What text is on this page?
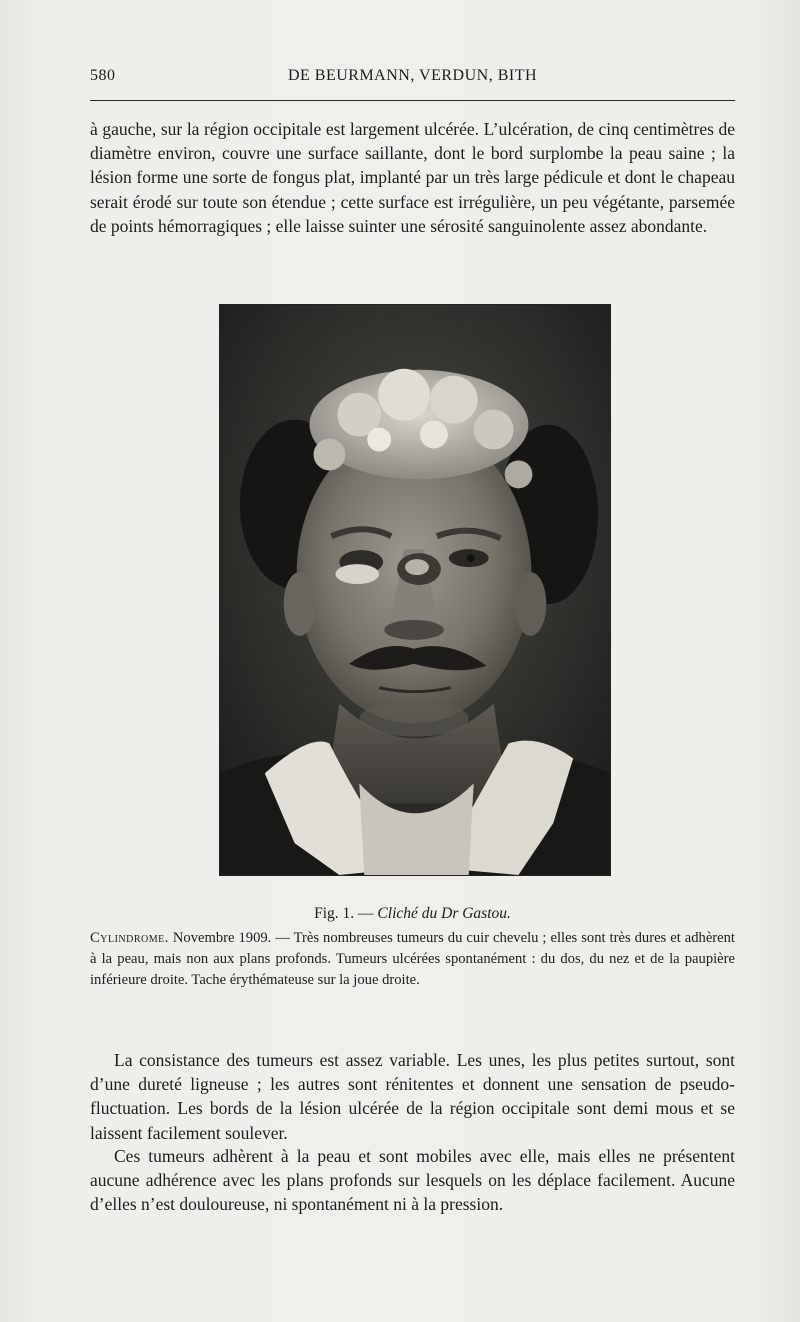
580	DE BEURMANN, VERDUN, BITH

à gauche, sur la région occipitale est largement ulcérée. L’ulcération, de cinq centimètres de diamètre environ, couvre une surface saillante, dont le bord surplombe la peau saine ; la lésion forme une sorte de fongus plat, implanté par un très large pédicule et dont le chapeau serait érodé sur toute son étendue ; cette surface est irrégulière, un peu végétante, parsemée de points hémorragiques ; elle laisse suinter une sérosité sanguinolente assez abondante.

Fig. 1. — Cliché du Dr Gastou.

Cylindrome. Novembre 1909. — Très nombreuses tumeurs du cuir chevelu ; elles sont très dures et adhèrent à la peau, mais non aux plans profonds. Tumeurs ulcérées spontanément : du dos, du nez et de la paupière inférieure droite. Tache érythémateuse sur la joue droite.

La consistance des tumeurs est assez variable. Les unes, les plus petites surtout, sont d’une dureté ligneuse ; les autres sont rénitentes et donnent une sensation de pseudo-fluctuation. Les bords de la lésion ulcérée de la région occipitale sont demi mous et se laissent facilement soulever.

Ces tumeurs adhèrent à la peau et sont mobiles avec elle, mais elles ne présentent aucune adhérence avec les plans profonds sur lesquels on les déplace facilement. Aucune d’elles n’est douloureuse, ni spontanément ni à la pression.
